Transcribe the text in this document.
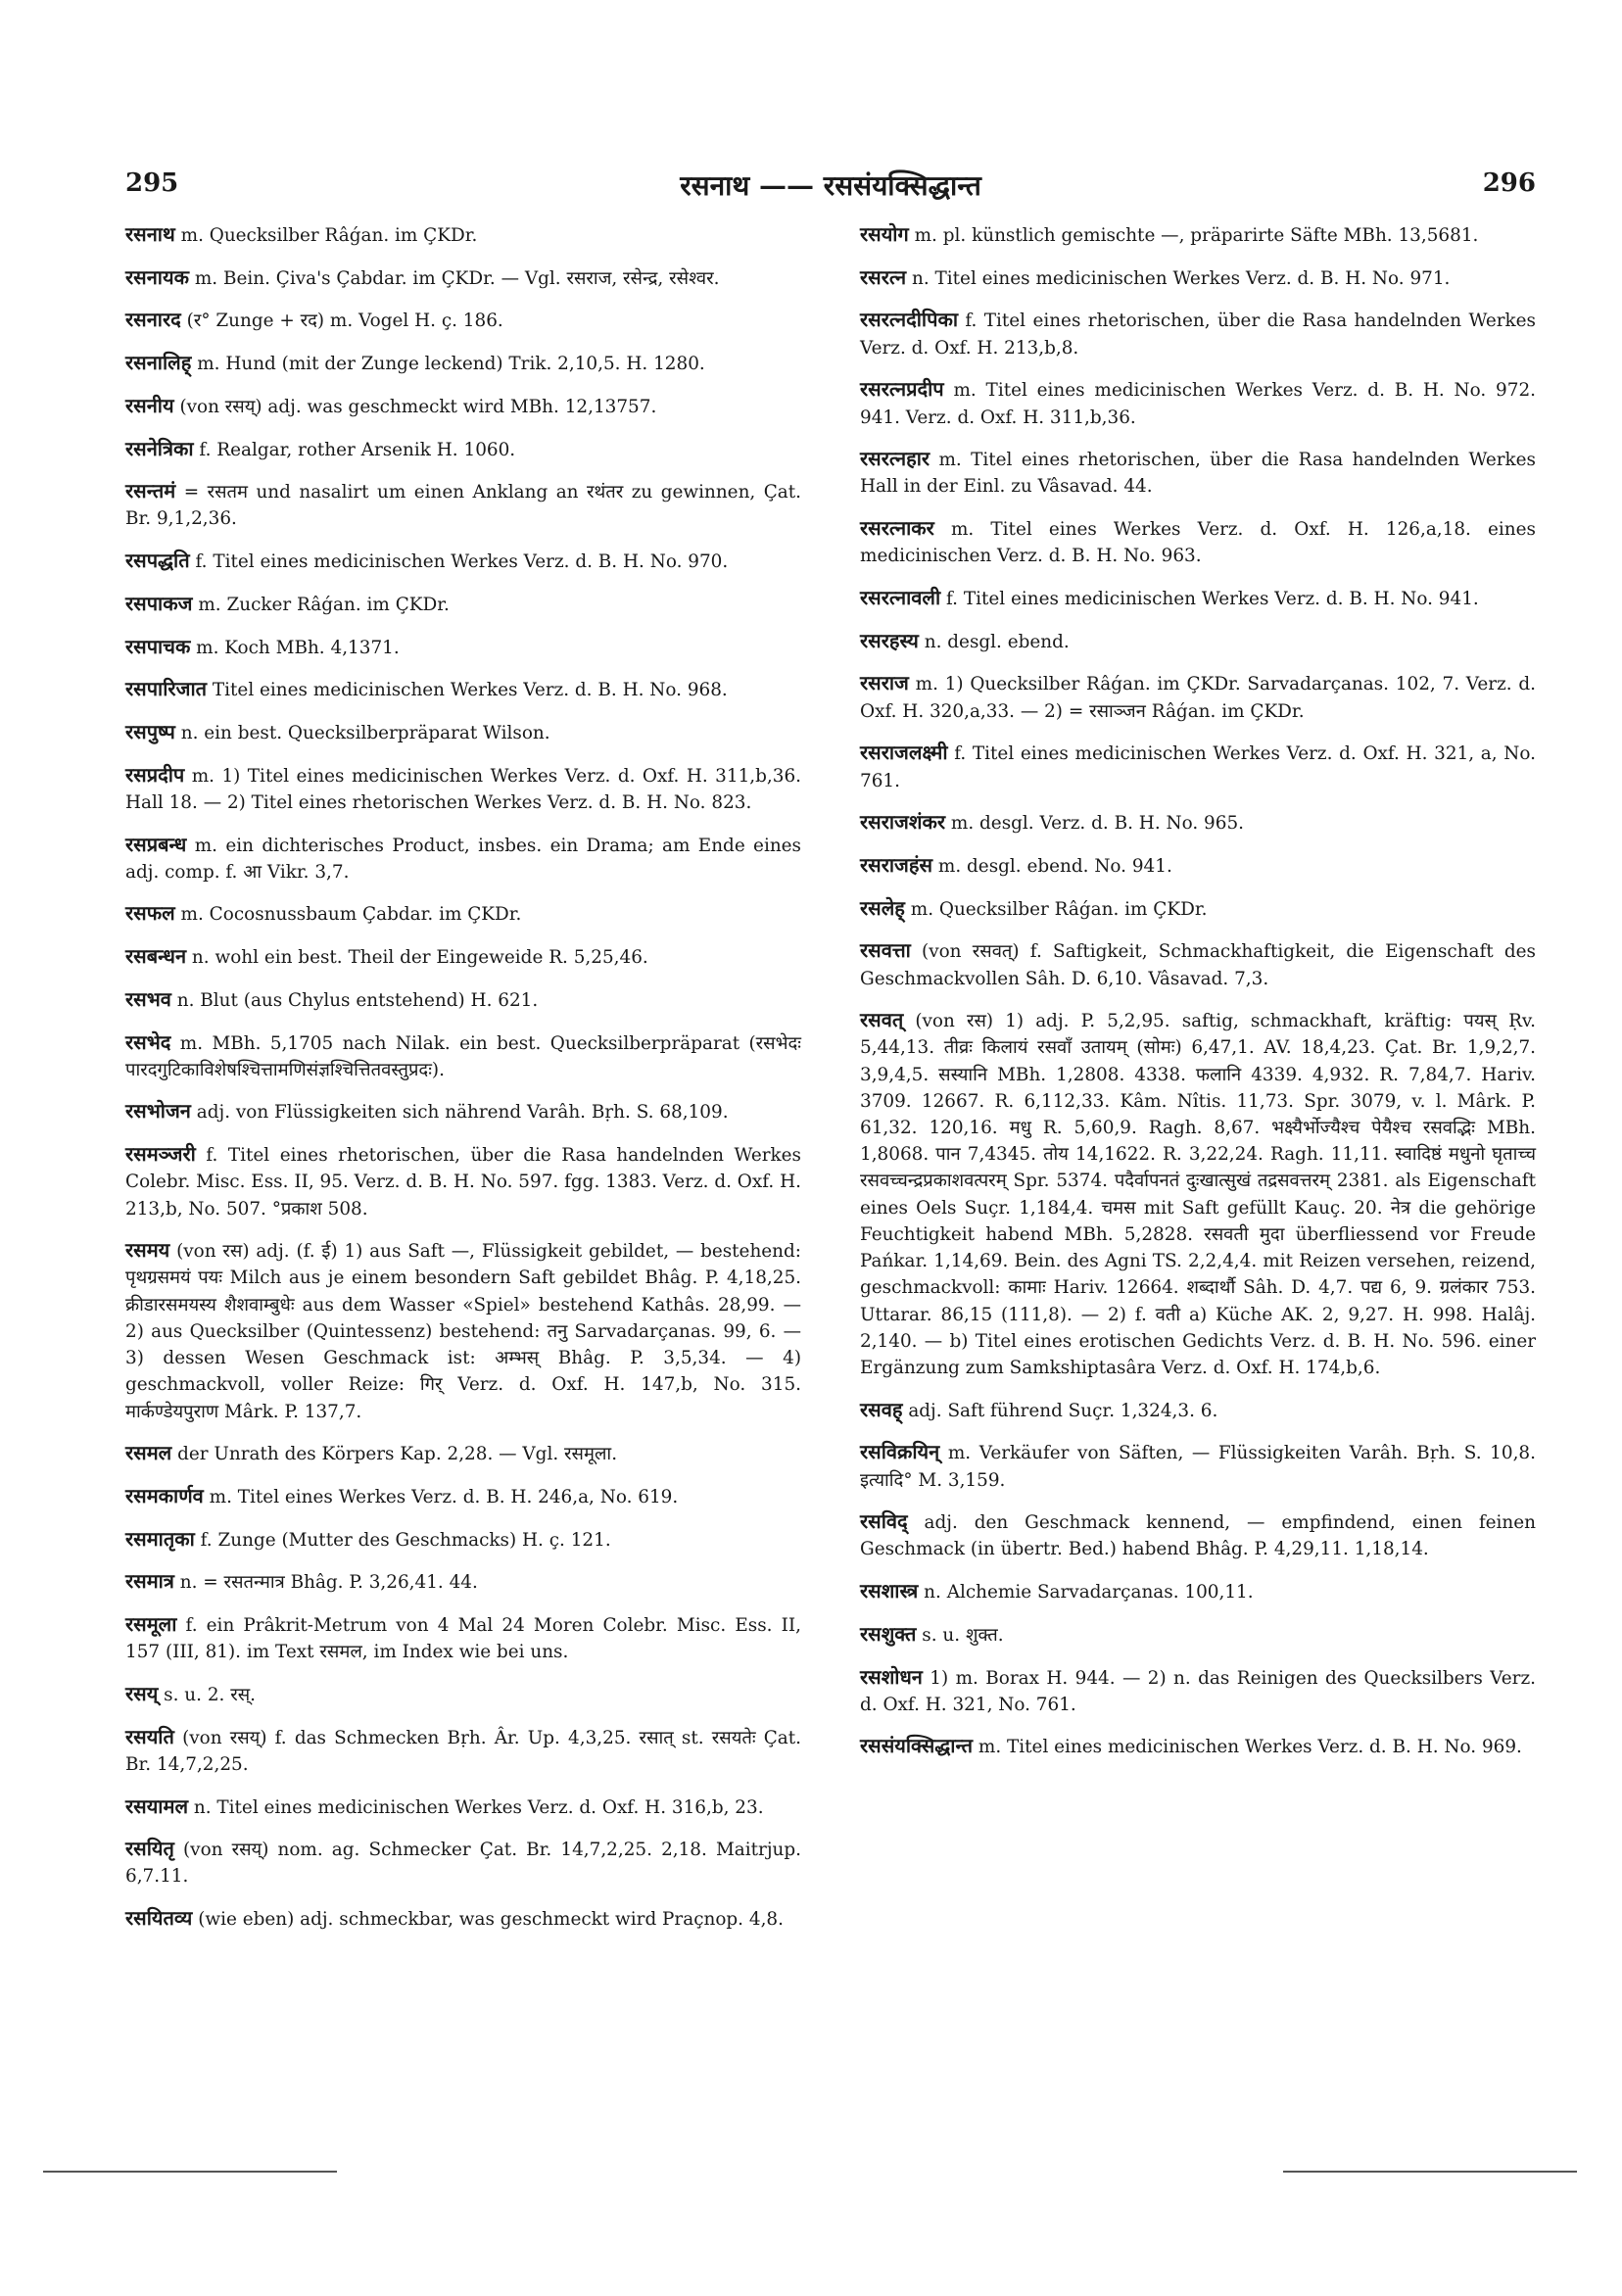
295	रसनाथ —— रससंयक्सिद्धान्त	296

रसनाथ m. Quecksilber Râǵan. im ÇKDr.

रसनायक m. Bein. Çiva's Çabdar. im ÇKDr. — Vgl. रसराज, रसेन्द्र, रसेश्वर.

रसनारद (र° Zunge + रद) m. Vogel H. ç. 186.

रसनालिह् m. Hund (mit der Zunge leckend) Trik. 2,10,5. H. 1280.

रसनीय (von रसय्) adj. was geschmeckt wird MBh. 12,13757.

रसनेत्रिका f. Realgar, rother Arsenik H. 1060.

रसन्तमं = रसतम und nasalirt um einen Anklang an रथंतर zu gewinnen, Çat. Br. 9,1,2,36.

रसपद्धति f. Titel eines medicinischen Werkes Verz. d. B. H. No. 970.

रसपाकज m. Zucker Râǵan. im ÇKDr.

रसपाचक m. Koch MBh. 4,1371.

रसपारिजात Titel eines medicinischen Werkes Verz. d. B. H. No. 968.

रसपुष्प n. ein best. Quecksilberpräparat Wilson.

रसप्रदीप m. 1) Titel eines medicinischen Werkes Verz. d. Oxf. H. 311,b,36. Hall 18. — 2) Titel eines rhetorischen Werkes Verz. d. B. H. No. 823.

रसप्रबन्ध m. ein dichterisches Product, insbes. ein Drama; am Ende eines adj. comp. f. आ Vikr. 3,7.

रसफल m. Cocosnussbaum Çabdar. im ÇKDr.

रसबन्धन n. wohl ein best. Theil der Eingeweide R. 5,25,46.

रसभव n. Blut (aus Chylus entstehend) H. 621.

रसभेद m. MBh. 5,1705 nach Nilak. ein best. Quecksilberpräparat (रसभेदः पारदगुटिकाविशेषश्चित्तामणिसंज्ञश्चित्तितवस्तुप्रदः).

रसभोजन adj. von Flüssigkeiten sich nährend Varâh. Bṛh. S. 68,109.

रसमञ्जरी f. Titel eines rhetorischen, über die Rasa handelnden Werkes Colebr. Misc. Ess. II, 95. Verz. d. B. H. No. 597. fgg. 1383. Verz. d. Oxf. H. 213,b, No. 507. °प्रकाश 508.

रसमय (von रस) adj. (f. ई) 1) aus Saft —, Flüssigkeit gebildet, — bestehend: पृथग्रसमयं पयः Milch aus je einem besondern Saft gebildet Bhâg. P. 4,18,25. क्रीडारसमयस्य शैशवाम्बुधेः aus dem Wasser «Spiel» bestehend Kathâs. 28,99. — 2) aus Quecksilber (Quintessenz) bestehend: तनु Sarvadarçanas. 99, 6. — 3) dessen Wesen Geschmack ist: अम्भस् Bhâg. P. 3,5,34. — 4) geschmackvoll, voller Reize: गिर् Verz. d. Oxf. H. 147,b, No. 315. मार्कण्डेयपुराण Mârk. P. 137,7.

रसमल der Unrath des Körpers Kap. 2,28. — Vgl. रसमूला.

रसमकार्णव m. Titel eines Werkes Verz. d. B. H. 246,a, No. 619.

रसमातृका f. Zunge (Mutter des Geschmacks) H. ç. 121.

रसमात्र n. = रसतन्मात्र Bhâg. P. 3,26,41. 44.

रसमूला f. ein Prâkrit-Metrum von 4 Mal 24 Moren Colebr. Misc. Ess. II, 157 (III, 81). im Text रसमल, im Index wie bei uns.

रसय् s. u. 2. रस्.

रसयति (von रसय्) f. das Schmecken Bṛh. Âr. Up. 4,3,25. रसात् st. रसयतेः Çat. Br. 14,7,2,25.

रसयामल n. Titel eines medicinischen Werkes Verz. d. Oxf. H. 316,b, 23.

रसयितृ (von रसय्) nom. ag. Schmecker Çat. Br. 14,7,2,25. 2,18. Maitrjup. 6,7.11.

रसयितव्य (wie eben) adj. schmeckbar, was geschmeckt wird Praçnop. 4,8.

रसयोग m. pl. künstlich gemischte —, präparirte Säfte MBh. 13,5681.

रसरत्न n. Titel eines medicinischen Werkes Verz. d. B. H. No. 971.

रसरत्नदीपिका f. Titel eines rhetorischen, über die Rasa handelnden Werkes Verz. d. Oxf. H. 213,b,8.

रसरत्नप्रदीप m. Titel eines medicinischen Werkes Verz. d. B. H. No. 972. 941. Verz. d. Oxf. H. 311,b,36.

रसरत्नहार m. Titel eines rhetorischen, über die Rasa handelnden Werkes Hall in der Einl. zu Vâsavad. 44.

रसरत्नाकर m. Titel eines Werkes Verz. d. Oxf. H. 126,a,18. eines medicinischen Verz. d. B. H. No. 963.

रसरत्नावली f. Titel eines medicinischen Werkes Verz. d. B. H. No. 941.

रसरहस्य n. desgl. ebend.

रसराज m. 1) Quecksilber Râǵan. im ÇKDr. Sarvadarçanas. 102, 7. Verz. d. Oxf. H. 320,a,33. — 2) = रसाञ्जन Râǵan. im ÇKDr.

रसराजलक्ष्मी f. Titel eines medicinischen Werkes Verz. d. Oxf. H. 321, a, No. 761.

रसराजशंकर m. desgl. Verz. d. B. H. No. 965.

रसराजहंस m. desgl. ebend. No. 941.

रसलेह् m. Quecksilber Râǵan. im ÇKDr.

रसवत्ता (von रसवत्) f. Saftigkeit, Schmackhaftigkeit, die Eigenschaft des Geschmackvollen Sâh. D. 6,10. Vâsavad. 7,3.

रसवत् (von रस) 1) adj. P. 5,2,95. saftig, schmackhaft, kräftig: पयस् Ṛv. 5,44,13. तीव्रः किलायं रसवाँ उतायम् (सोमः) 6,47,1. AV. 18,4,23. Çat. Br. 1,9,2,7. 3,9,4,5. सस्यानि MBh. 1,2808. 4338. फलानि 4339. 4,932. R. 7,84,7. Hariv. 3709. 12667. R. 6,112,33. Kâm. Nîtis. 11,73. Spr. 3079, v. l. Mârk. P. 61,32. 120,16. मधु R. 5,60,9. Ragh. 8,67. भक्ष्यैर्भोज्यैश्च पेयैश्च रसवद्भिः MBh. 1,8068. पान 7,4345. तोय 14,1622. R. 3,22,24. Ragh. 11,11. स्वादिष्ठं मधुनो घृताच्च रसवच्चन्द्रप्रकाशवत्परम् Spr. 5374. पदैर्वापनतं दुःखात्सुखं तद्रसवत्तरम् 2381. als Eigenschaft eines Oels Suçr. 1,184,4. चमस mit Saft gefüllt Kauç. 20. नेत्र die gehörige Feuchtigkeit habend MBh. 5,2828. रसवती मुदा überfliessend vor Freude Pańkar. 1,14,69. Bein. des Agni TS. 2,2,4,4. mit Reizen versehen, reizend, geschmackvoll: कामाः Hariv. 12664. शब्दार्थौ Sâh. D. 4,7. पद्य 6, 9. ग्रलंकार 753. Uttarar. 86,15 (111,8). — 2) f. वती a) Küche AK. 2, 9,27. H. 998. Halâj. 2,140. — b) Titel eines erotischen Gedichts Verz. d. B. H. No. 596. einer Ergänzung zum Samkshiptasâra Verz. d. Oxf. H. 174,b,6.

रसवह् adj. Saft führend Suçr. 1,324,3. 6.

रसविक्रयिन् m. Verkäufer von Säften, — Flüssigkeiten Varâh. Bṛh. S. 10,8. इत्यादि° M. 3,159.

रसविद् adj. den Geschmack kennend, — empfindend, einen feinen Geschmack (in übertr. Bed.) habend Bhâg. P. 4,29,11. 1,18,14.

रसशास्त्र n. Alchemie Sarvadarçanas. 100,11.

रसशुक्त s. u. शुक्त.

रसशोधन 1) m. Borax H. 944. — 2) n. das Reinigen des Quecksilbers Verz. d. Oxf. H. 321, No. 761.

रससंयक्सिद्धान्त m. Titel eines medicinischen Werkes Verz. d. B. H. No. 969.
